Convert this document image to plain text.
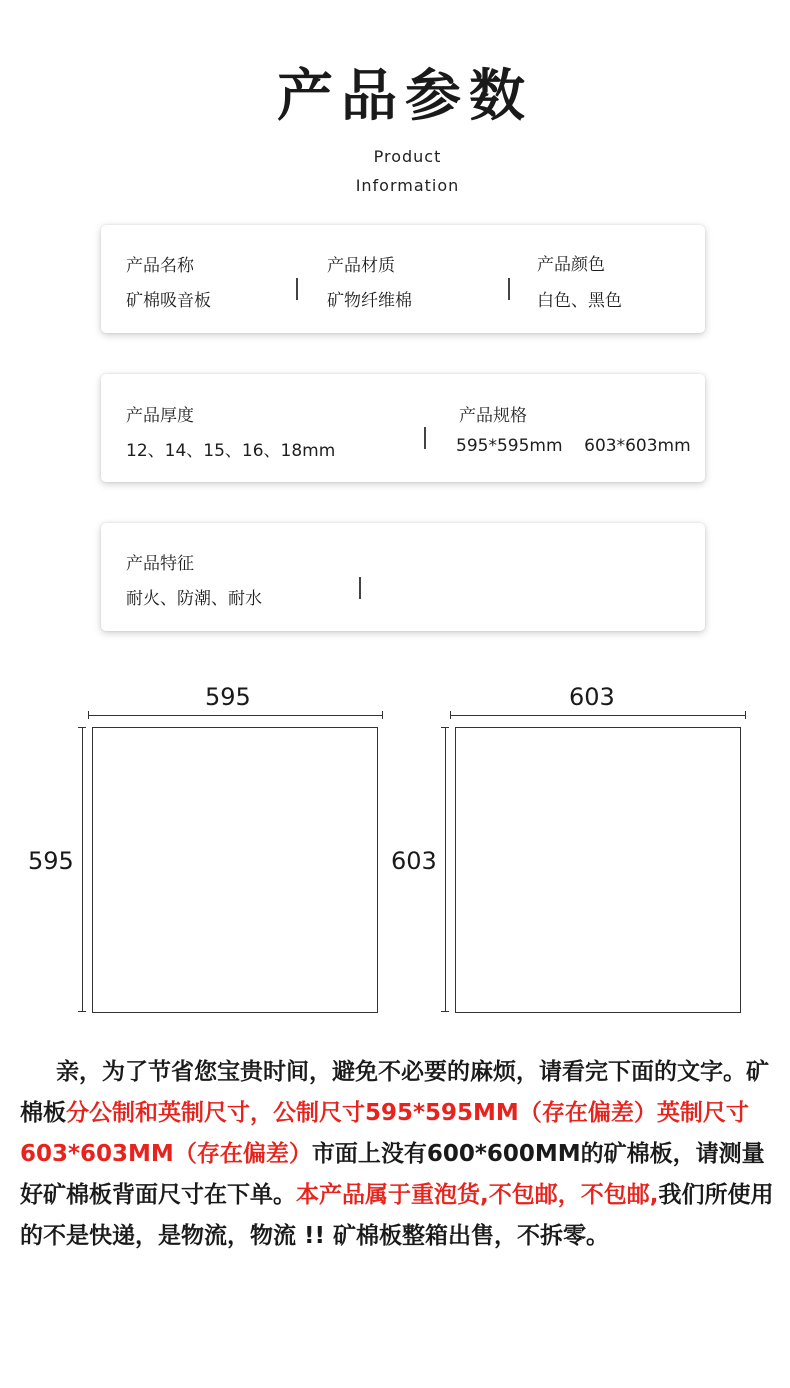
产品参数
Product
Information
产品名称
矿棉吸音板
产品材质
矿物纤维棉
产品颜色
白色、黑色
产品厚度
12、14、15、16、18mm
产品规格
595*595mm    603*603mm
产品特征
耐火、防潮、耐水
595
595
603
603
亲，为了节省您宝贵时间，避免不必要的麻烦，请看完下面的文字。矿棉板分公制和英制尺寸，公制尺寸595*595MM（存在偏差）英制尺寸603*603MM（存在偏差）市面上没有600*600MM的矿棉板，请测量好矿棉板背面尺寸在下单。本产品属于重泡货,不包邮，不包邮,我们所使用的不是快递，是物流，物流 !! 矿棉板整箱出售，不拆零。
